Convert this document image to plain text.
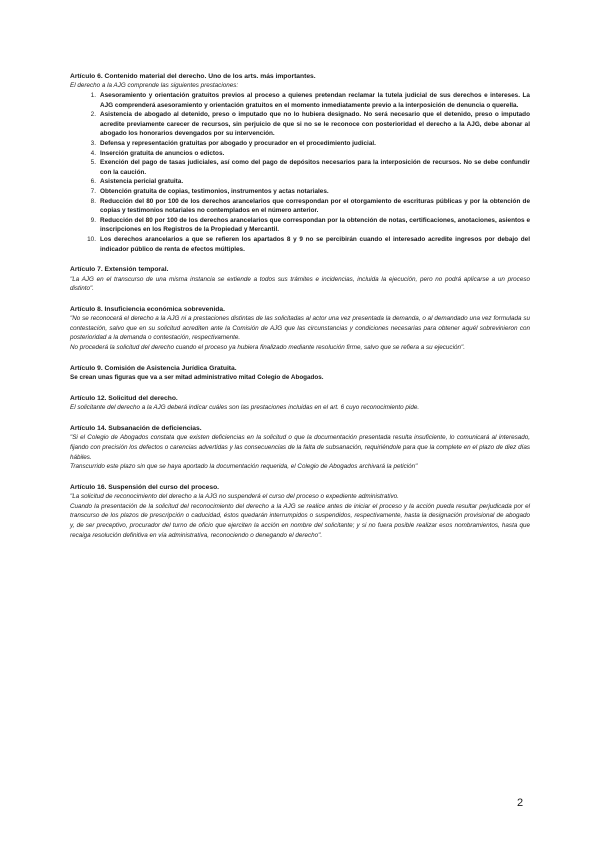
Artículo 6. Contenido material del derecho. Uno de los arts. más importantes.

El derecho a la AJG comprende las siguientes prestaciones:

1. Asesoramiento y orientación gratuitos previos al proceso a quienes pretendan reclamar la tutela judicial de sus derechos e intereses. La AJG comprenderá asesoramiento y orientación gratuitos en el momento inmediatamente previo a la interposición de denuncia o querella.
2. Asistencia de abogado al detenido, preso o imputado que no lo hubiera designado. No será necesario que el detenido, preso o imputado acredite previamente carecer de recursos, sin perjuicio de que si no se le reconoce con posterioridad el derecho a la AJG, debe abonar al abogado los honorarios devengados por su intervención.
3. Defensa y representación gratuitas por abogado y procurador en el procedimiento judicial.
4. Inserción gratuita de anuncios o edictos.
5. Exención del pago de tasas judiciales, así como del pago de depósitos necesarios para la interposición de recursos. No se debe confundir con la caución.
6. Asistencia pericial gratuita.
7. Obtención gratuita de copias, testimonios, instrumentos y actas notariales.
8. Reducción del 80 por 100 de los derechos arancelarios que correspondan por el otorgamiento de escrituras públicas y por la obtención de copias y testimonios notariales no contemplados en el número anterior.
9. Reducción del 80 por 100 de los derechos arancelarios que correspondan por la obtención de notas, certificaciones, anotaciones, asientos e inscripciones en los Registros de la Propiedad y Mercantil.
10. Los derechos arancelarios a que se refieren los apartados 8 y 9 no se percibirán cuando el interesado acredite ingresos por debajo del indicador público de renta de efectos múltiples.

Artículo 7. Extensión temporal.

"La AJG en el transcurso de una misma instancia se extiende a todos sus trámites e incidencias, incluida la ejecución, pero no podrá aplicarse a un proceso distinto".

Artículo 8. Insuficiencia económica sobrevenida.

"No se reconocerá el derecho a la AJG ni a prestaciones distintas de las solicitadas al actor una vez presentada la demanda, o al demandado una vez formulada su contestación, salvo que en su solicitud acrediten ante la Comisión de AJG que las circunstancias y condiciones necesarias para obtener aquél sobrevinieron con posterioridad a la demanda o contestación, respectivamente.

No procederá la solicitud del derecho cuando el proceso ya hubiera finalizado mediante resolución firme, salvo que se refiera a su ejecución".

Artículo 9. Comisión de Asistencia Jurídica Gratuita.

Se crean unas figuras que va a ser mitad administrativo mitad Colegio de Abogados.

Artículo 12. Solicitud del derecho.

El solicitante del derecho a la AJG deberá indicar cuáles son las prestaciones incluidas en el art. 6 cuyo reconocimiento pide.

Artículo 14. Subsanación de deficiencias.

"Si el Colegio de Abogados constata que existen deficiencias en la solicitud o que la documentación presentada resulta insuficiente, lo comunicará al interesado, fijando con precisión los defectos o carencias advertidas y las consecuencias de la falta de subsanación, requiriéndole para que la complete en el plazo de diez días hábiles.

Transcurrido este plazo sin que se haya aportado la documentación requerida, el Colegio de Abogados archivará la petición"

Artículo 16. Suspensión del curso del proceso.

"La solicitud de reconocimiento del derecho a la AJG no suspenderá el curso del proceso o expediente administrativo.

Cuando la presentación de la solicitud del reconocimiento del derecho a la AJG se realice antes de iniciar el proceso y la acción pueda resultar perjudicada por el transcurso de los plazos de prescripción o caducidad, éstos quedarán interrumpidos o suspendidos, respectivamente, hasta la designación provisional de abogado y, de ser preceptivo, procurador del turno de oficio que ejerciten la acción en nombre del solicitante; y si no fuera posible realizar esos nombramientos, hasta que recaiga resolución definitiva en vía administrativa, reconociendo o denegando el derecho".

2
